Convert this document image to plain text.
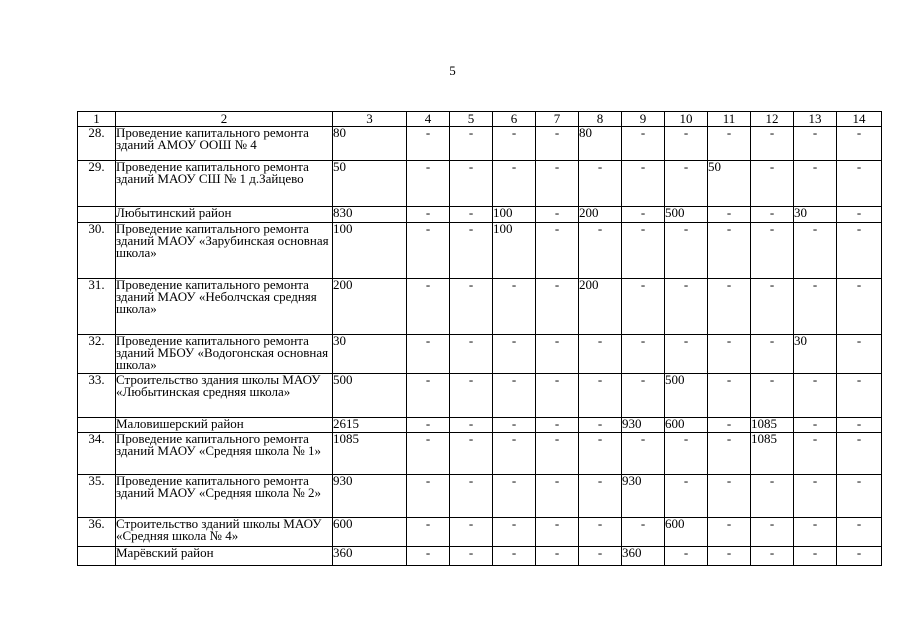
5
1	2	3	4	5	6	7	8	9	10	11	12	13	14
28.	Проведение капитального ремонта зданий АМОУ ООШ № 4	80	-	-	-	-	80	-	-	-	-	-	-
29.	Проведение капитального ремонта зданий МАОУ СШ № 1 д.Зайцево	50	-	-	-	-	-	-	-	50	-	-	-
	Любытинский район	830	-	-	100	-	200	-	500	-	-	30	-
30.	Проведение капитального ремонта зданий МАОУ «Зарубинская основная школа»	100	-	-	100	-	-	-	-	-	-	-	-
31.	Проведение капитального ремонта зданий МАОУ «Неболчская средняя школа»	200	-	-	-	-	200	-	-	-	-	-	-
32.	Проведение капитального ремонта зданий МБОУ «Водогонская основная школа»	30	-	-	-	-	-	-	-	-	-	30	-
33.	Строительство здания школы МАОУ «Любытинская средняя школа»	500	-	-	-	-	-	-	500	-	-	-	-
	Маловишерский район	2615	-	-	-	-	-	930	600	-	1085	-	-
34.	Проведение капитального ремонта зданий МАОУ «Средняя школа № 1»	1085	-	-	-	-	-	-	-	-	1085	-	-
35.	Проведение капитального ремонта зданий МАОУ «Средняя школа № 2»	930	-	-	-	-	-	930	-	-	-	-	-
36.	Строительство зданий школы МАОУ «Средняя школа № 4»	600	-	-	-	-	-	-	600	-	-	-	-
	Марёвский район	360	-	-	-	-	-	360	-	-	-	-	-
